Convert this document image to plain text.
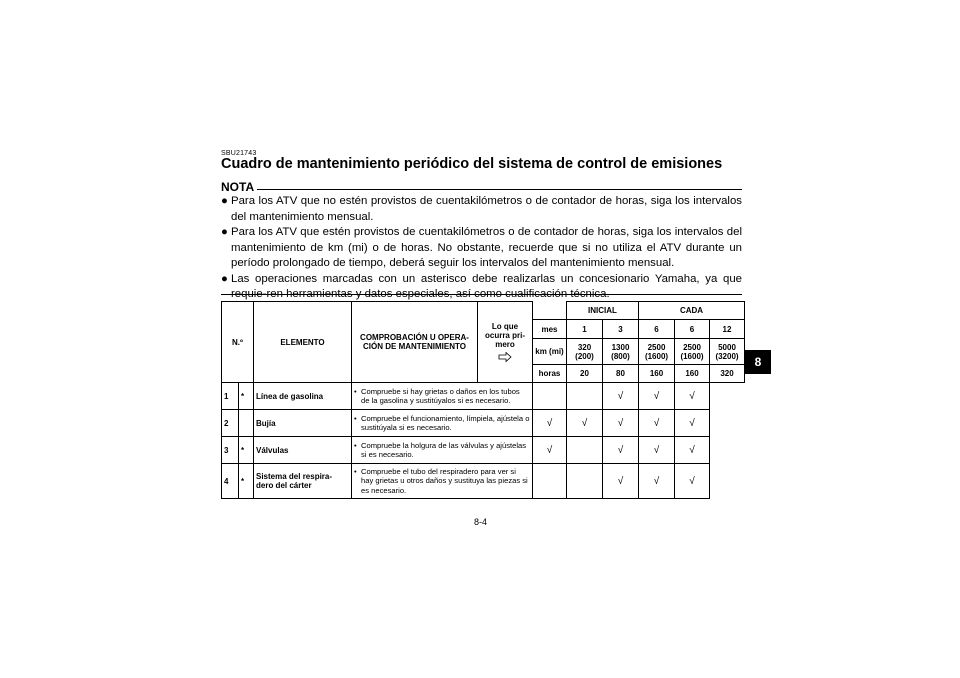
SBU21743
Cuadro de mantenimiento periódico del sistema de control de emisiones
NOTA
● Para los ATV que no estén provistos de cuentakilómetros o de contador de horas, siga los intervalos del mantenimiento mensual.
● Para los ATV que estén provistos de cuentakilómetros o de contador de horas, siga los intervalos del mantenimiento de km (mi) o de horas. No obstante, recuerde que si no utiliza el ATV durante un período prolongado de tiempo, deberá seguir los intervalos del mantenimiento mensual.
● Las operaciones marcadas con un asterisco debe realizarlas un concesionario Yamaha, ya que requie-ren herramientas y datos especiales, así como cualificación técnica.
N.º		ELEMENTO	COMPROBACIÓN U OPERA-CIÓN DE MANTENIMIENTO	Lo que ocurra pri-mero		INICIAL		CADA		
					mes	1	3	6	6	12
					km (mi)	320 (200)	1300 (800)	2500 (1600)	2500 (1600)	5000 (3200)
					horas	20	80	160	160	320
1	*	Línea de gasolina	• Compruebe si hay grietas o daños en los tubos de la gasolina y sustitúyalos si es necesario.				√	√	√	
2		Bujía	• Compruebe el funcionamiento, límpiela, ajústela o sustitúyala si es necesario.		√	√	√	√	√	
3	*	Válvulas	• Compruebe la holgura de las válvulas y ajústelas si es necesario.		√		√	√	√	
4	*	Sistema del respira-dero del cárter	• Compruebe el tubo del respiradero para ver si hay grietas u otros daños y sustituya las piezas si es necesario.				√	√	√	
8
8-4
